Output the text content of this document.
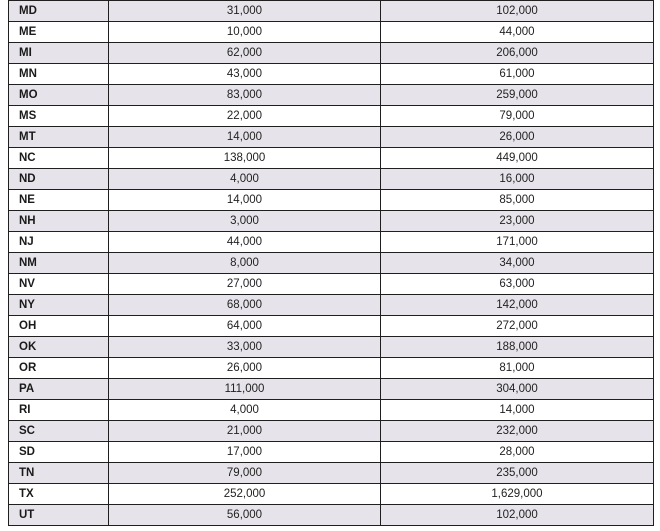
MD	31,000	102,000
ME	10,000	44,000
MI	62,000	206,000
MN	43,000	61,000
MO	83,000	259,000
MS	22,000	79,000
MT	14,000	26,000
NC	138,000	449,000
ND	4,000	16,000
NE	14,000	85,000
NH	3,000	23,000
NJ	44,000	171,000
NM	8,000	34,000
NV	27,000	63,000
NY	68,000	142,000
OH	64,000	272,000
OK	33,000	188,000
OR	26,000	81,000
PA	111,000	304,000
RI	4,000	14,000
SC	21,000	232,000
SD	17,000	28,000
TN	79,000	235,000
TX	252,000	1,629,000
UT	56,000	102,000
